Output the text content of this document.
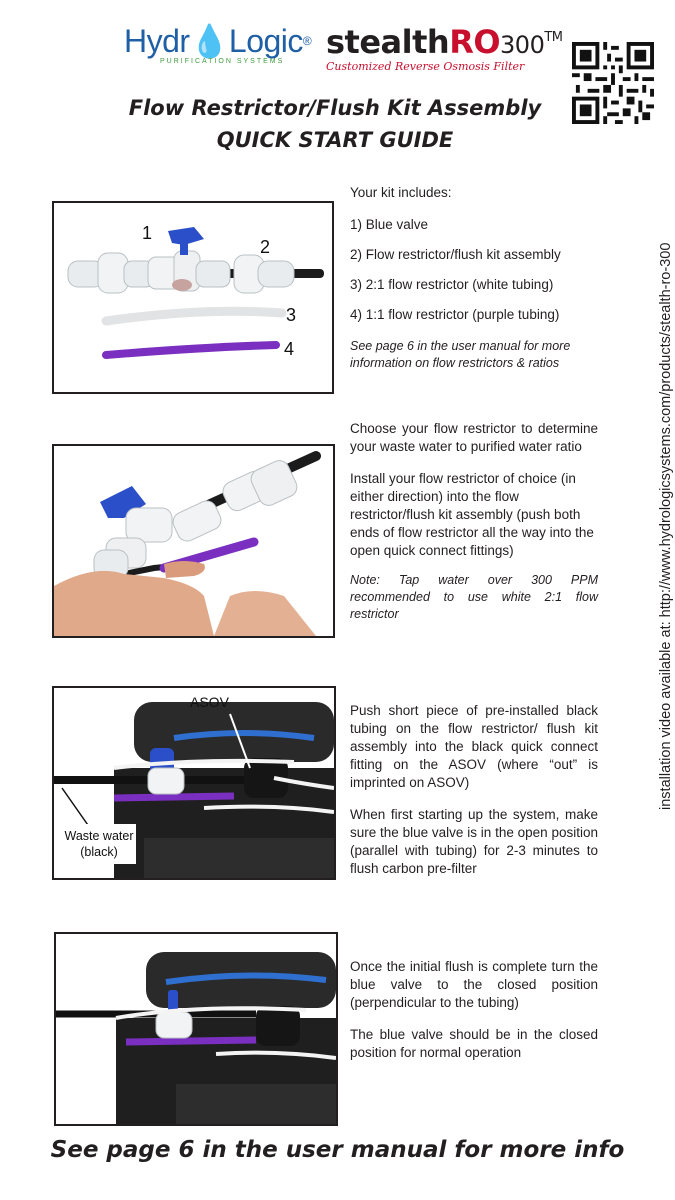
Hydr💧Logic®
PURIFICATION SYSTEMS
stealthRO300™
Customized Reverse Osmosis Filter
Flow Restrictor/Flush Kit Assembly
QUICK START GUIDE
installation video available at: http://www.hydrologicsystems.com/products/stealth-ro-300
1
2
3
4

Your kit includes:

1) Blue valve

2) Flow restrictor/flush kit assembly

3) 2:1 flow restrictor (white tubing)

4) 1:1 flow restrictor (purple tubing)

See page 6 in the user manual for more information on flow restrictors & ratios

Choose your flow restrictor to determine your waste water to purified water ratio

Install your flow restrictor of choice (in either direction) into the flow restrictor/flush kit assembly (push both ends of flow restrictor all the way into the open quick connect fittings)

Note: Tap water over 300 PPM recommended to use white 2:1 flow restrictor

ASOV
Waste water
(black)

Push short piece of pre-installed black tubing on the flow restrictor/ flush kit assembly into the black quick connect fitting on the ASOV (where “out” is imprinted on ASOV)

When first starting up the system, make sure the blue valve is in the open position (parallel with tubing) for 2-3 minutes to flush carbon pre-filter

Once the initial flush is complete turn the blue valve to the closed position (perpendicular to the tubing)

The blue valve should be in the closed position for normal operation

See page 6 in the user manual for more info
